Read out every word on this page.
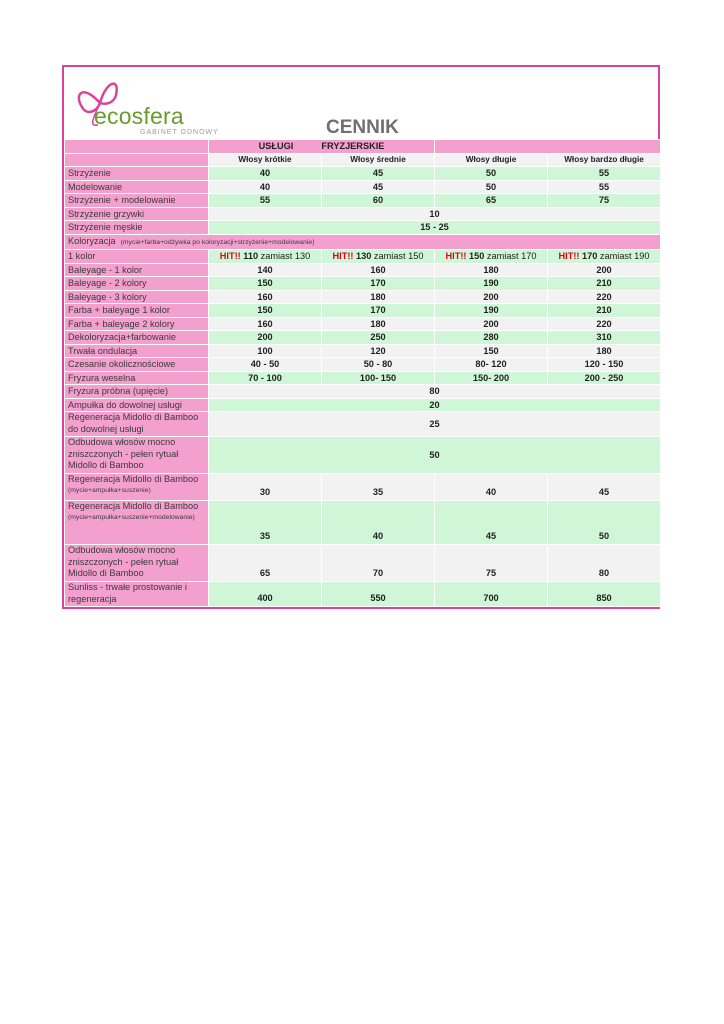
ecosfera
GABINET ODNOWY	CENNIK
	USŁUGI FRYZJERSKIE			
	Włosy krótkie	Włosy średnie	Włosy długie	Włosy bardzo długie
Strzyżenie	40	45	50	55
Modelowanie	40	45	50	55
Strzyżenie + modelowanie	55	60	65	75
Strzyżenie grzywki	10			
Strzyżenie męskie	15 - 25			
Koloryzacja (mycie+farba+odżywka po koloryzacji+strzyżenie+modelowanie)				
1 kolor	HIT!! 110 zamiast 130	HIT!! 130 zamiast 150	HIT!! 150 zamiast 170	HIT!! 170 zamiast 190
Baleyage - 1 kolor	140	160	180	200
Baleyage - 2 kolory	150	170	190	210
Baleyage - 3 kolory	160	180	200	220
Farba + baleyage 1 kolor	150	170	190	210
Farba + baleyage 2 kolory	160	180	200	220
Dekoloryzacja+farbowanie	200	250	280	310
Trwała ondulacja	100	120	150	180
Czesanie okolicznościowe	40 - 50	50 - 80	80- 120	120 - 150
Fryzura weselna	70 - 100	100- 150	150- 200	200 - 250
Fryzura próbna (upięcie)	80			
Ampułka do dowolnej usługi	20			
Regeneracja Midollo di Bamboo do dowolnej usługi	25			
Odbudowa włosów mocno zniszczonych - pełen rytuał Midollo di Bamboo	50			

Regeneracja Midollo di Bamboo
(mycie+ampułka+suszenie)	30	35	40	45

Regeneracja Midollo di Bamboo
(mycie+ampułka+suszenie+modelowanie)	35	40	45	50
Odbudowa włosów mocno zniszczonych - pełen rytuał Midollo di Bamboo	65	70	75	80
Sunliss - trwałe prostowanie i regeneracja	400	550	700	850
